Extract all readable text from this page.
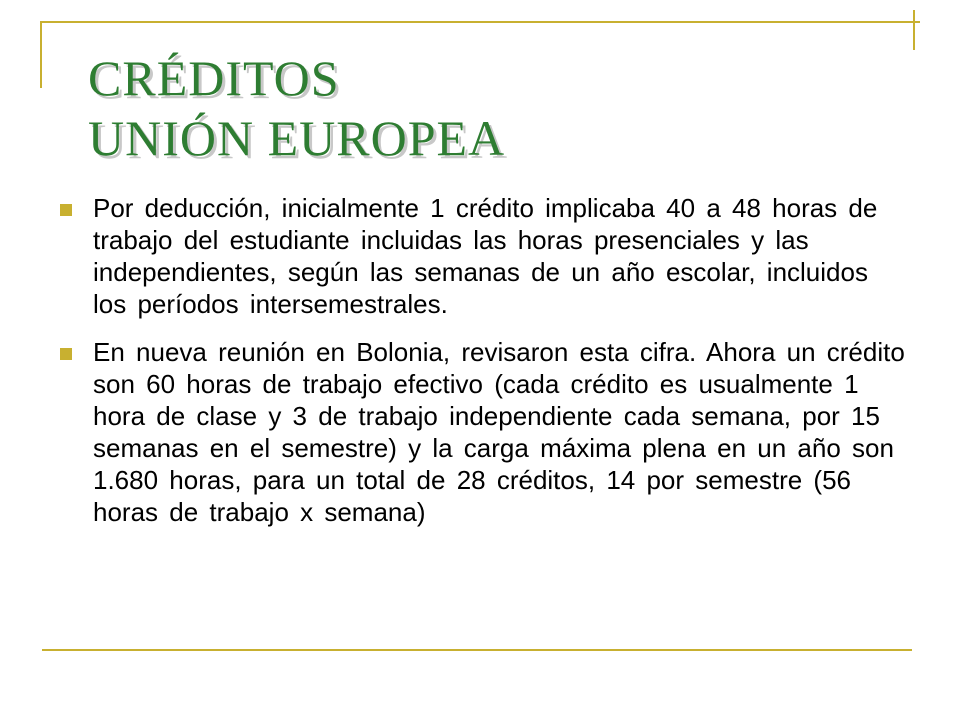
CRÉDITOS
UNIÓN EUROPEA
Por deducción, inicialmente 1 crédito implicaba 40 a 48 horas de trabajo del estudiante incluidas las horas presenciales y las independientes, según las semanas de un año escolar, incluidos los períodos intersemestrales.
En nueva reunión en Bolonia, revisaron esta cifra. Ahora un crédito son 60 horas de trabajo efectivo (cada crédito es usualmente 1 hora de clase y 3 de trabajo independiente cada semana, por 15 semanas en el semestre) y la carga máxima plena en un año son 1.680 horas, para un total de 28 créditos, 14 por semestre (56 horas de trabajo x semana)
